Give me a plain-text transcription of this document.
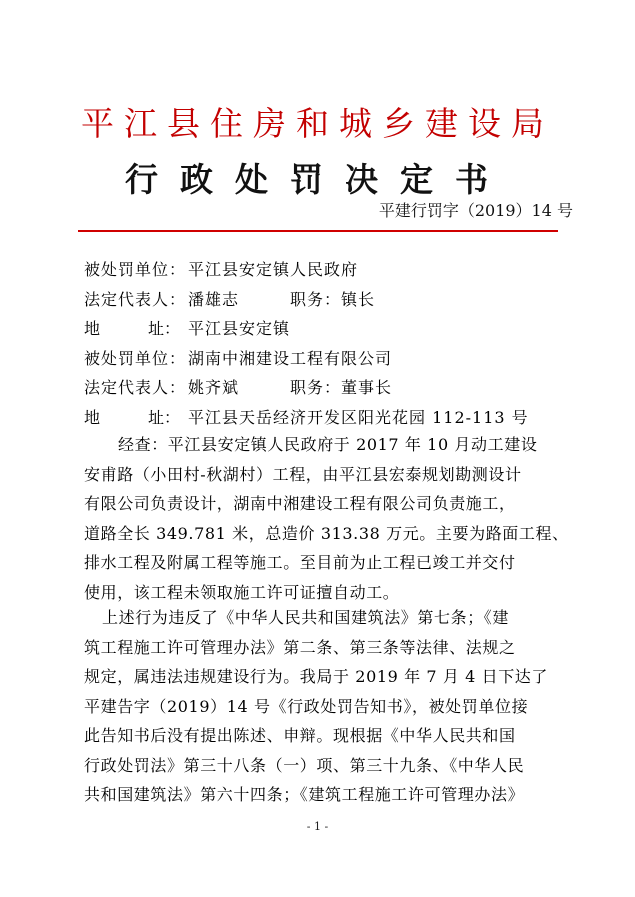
平江县住房和城乡建设局
行政处罚决定书
平建行罚字（2019）14 号
被处罚单位： 平江县安定镇人民政府
法定代表人： 潘雄志	职务：镇长
地	址： 平江县安定镇
被处罚单位： 湖南中湘建设工程有限公司
法定代表人： 姚齐斌	职务：董事长
地	址： 平江县天岳经济开发区阳光花园 112-113 号
经查：平江县安定镇人民政府于 2017 年 10 月动工建设
安甫路（小田村-秋湖村）工程，由平江县宏泰规划勘测设计
有限公司负责设计，湖南中湘建设工程有限公司负责施工，
道路全长 349.781 米，总造价 313.38 万元。主要为路面工程、
排水工程及附属工程等施工。至目前为止工程已竣工并交付
使用，该工程未领取施工许可证擅自动工。
上述行为违反了《中华人民共和国建筑法》第七条；《建
筑工程施工许可管理办法》第二条、第三条等法律、法规之
规定，属违法违规建设行为。我局于 2019 年 7 月 4 日下达了
平建告字（2019）14 号《行政处罚告知书》，被处罚单位接
此告知书后没有提出陈述、申辩。现根据《中华人民共和国
行政处罚法》第三十八条（一）项、第三十九条、《中华人民
共和国建筑法》第六十四条；《建筑工程施工许可管理办法》
- 1 -
